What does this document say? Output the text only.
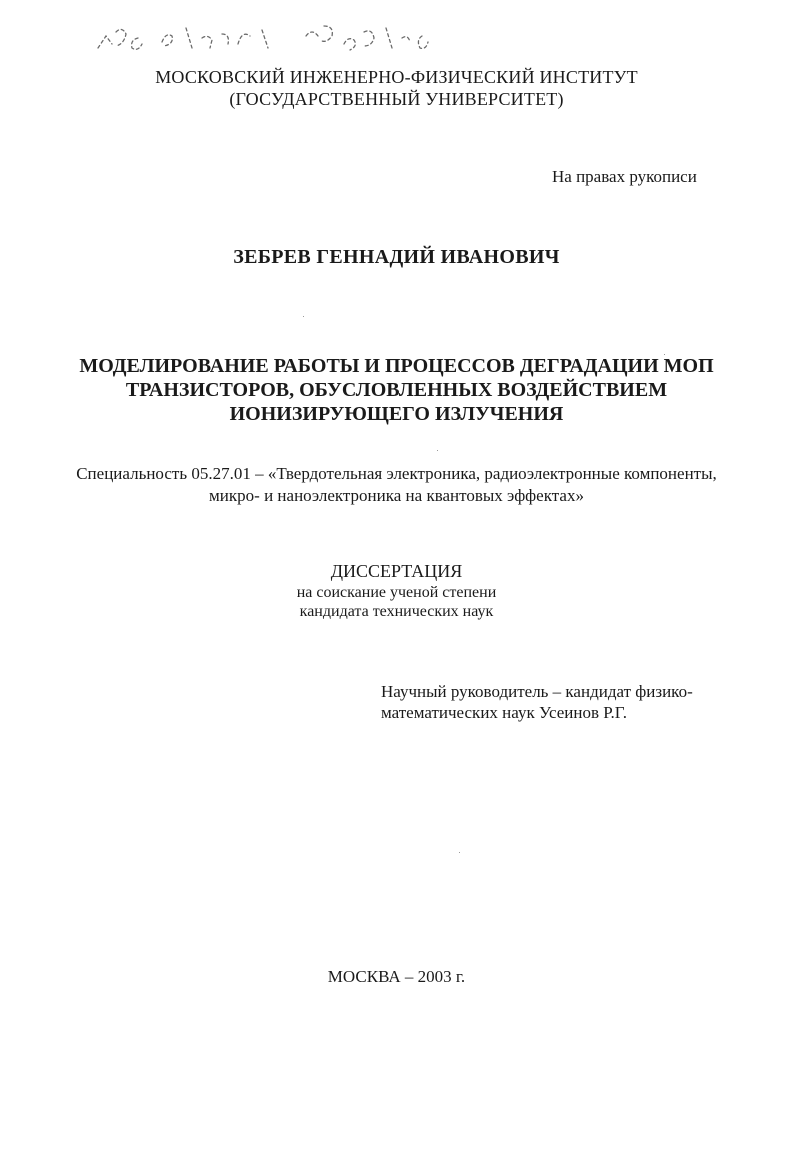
МОСКОВСКИЙ ИНЖЕНЕРНО-ФИЗИЧЕСКИЙ ИНСТИТУТ
(ГОСУДАРСТВЕННЫЙ УНИВЕРСИТЕТ)
На правах рукописи
ЗЕБРЕВ ГЕННАДИЙ ИВАНОВИЧ
МОДЕЛИРОВАНИЕ РАБОТЫ И ПРОЦЕССОВ ДЕГРАДАЦИИ МОП
ТРАНЗИСТОРОВ, ОБУСЛОВЛЕННЫХ ВОЗДЕЙСТВИЕМ
ИОНИЗИРУЮЩЕГО ИЗЛУЧЕНИЯ
Специальность 05.27.01 – «Твердотельная электроника, радиоэлектронные компоненты,
микро- и наноэлектроника на квантовых эффектах»
ДИССЕРТАЦИЯ
на соискание ученой степени
кандидата технических наук
Научный руководитель – кандидат физико-
математических наук Усеинов Р.Г.
МОСКВА – 2003 г.
